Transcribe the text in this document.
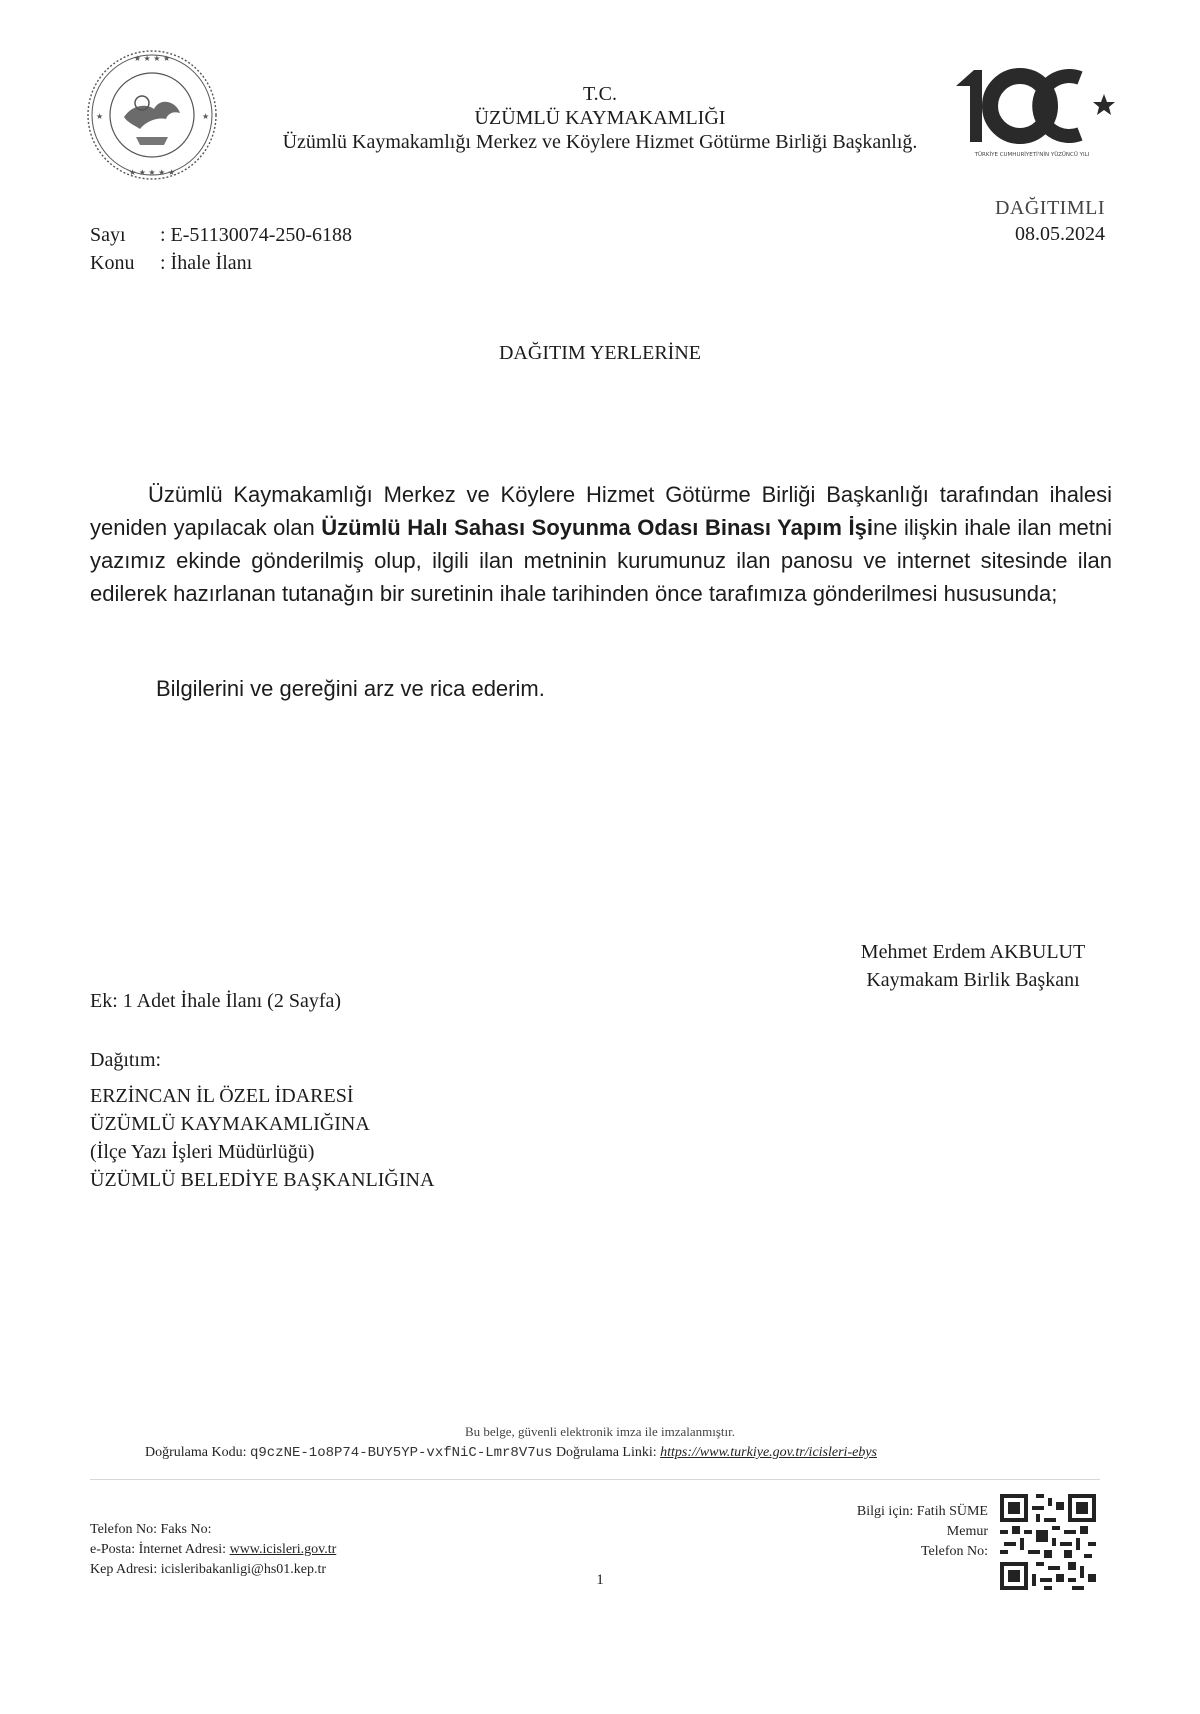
★ ★ ★ ★
★ ★ ★ ★ ★
★	★
T.C.
ÜZÜMLÜ KAYMAKAMLIĞI
Üzümlü Kaymakamlığı Merkez ve Köylere Hizmet Götürme Birliği Başkanlığ.
TÜRKİYE CUMHURİYETİ'NİN YÜZÜNCÜ YILI
DAĞITIMLI
08.05.2024
Sayı	: E-51130074-250-6188
Konu	: İhale İlanı
DAĞITIM YERLERİNE
Üzümlü Kaymakamlığı Merkez ve Köylere Hizmet Götürme Birliği Başkanlığı tarafından ihalesi yeniden yapılacak olan Üzümlü Halı Sahası Soyunma Odası Binası Yapım İşine ilişkin ihale ilan metni yazımız ekinde gönderilmiş olup, ilgili ilan metninin kurumunuz ilan panosu ve internet sitesinde ilan edilerek hazırlanan tutanağın bir suretinin ihale tarihinden önce tarafımıza gönderilmesi hususunda;
Bilgilerini ve gereğini arz ve rica ederim.
Mehmet Erdem AKBULUT
Kaymakam Birlik Başkanı
Ek: 1 Adet İhale İlanı (2 Sayfa)
Dağıtım:
ERZİNCAN İL ÖZEL İDARESİ
ÜZÜMLÜ KAYMAKAMLIĞINA
(İlçe Yazı İşleri Müdürlüğü)
ÜZÜMLÜ BELEDİYE BAŞKANLIĞINA
Bu belge, güvenli elektronik imza ile imzalanmıştır.
Doğrulama Kodu: q9czNE-1o8P74-BUY5YP-vxfNiC-Lmr8V7us Doğrulama Linki: https://www.turkiye.gov.tr/icisleri-ebys
Telefon No: Faks No:
e-Posta: İnternet Adresi: www.icisleri.gov.tr
Kep Adresi: icisleribakanligi@hs01.kep.tr
Bilgi için: Fatih SÜME
Memur
Telefon No:
1
